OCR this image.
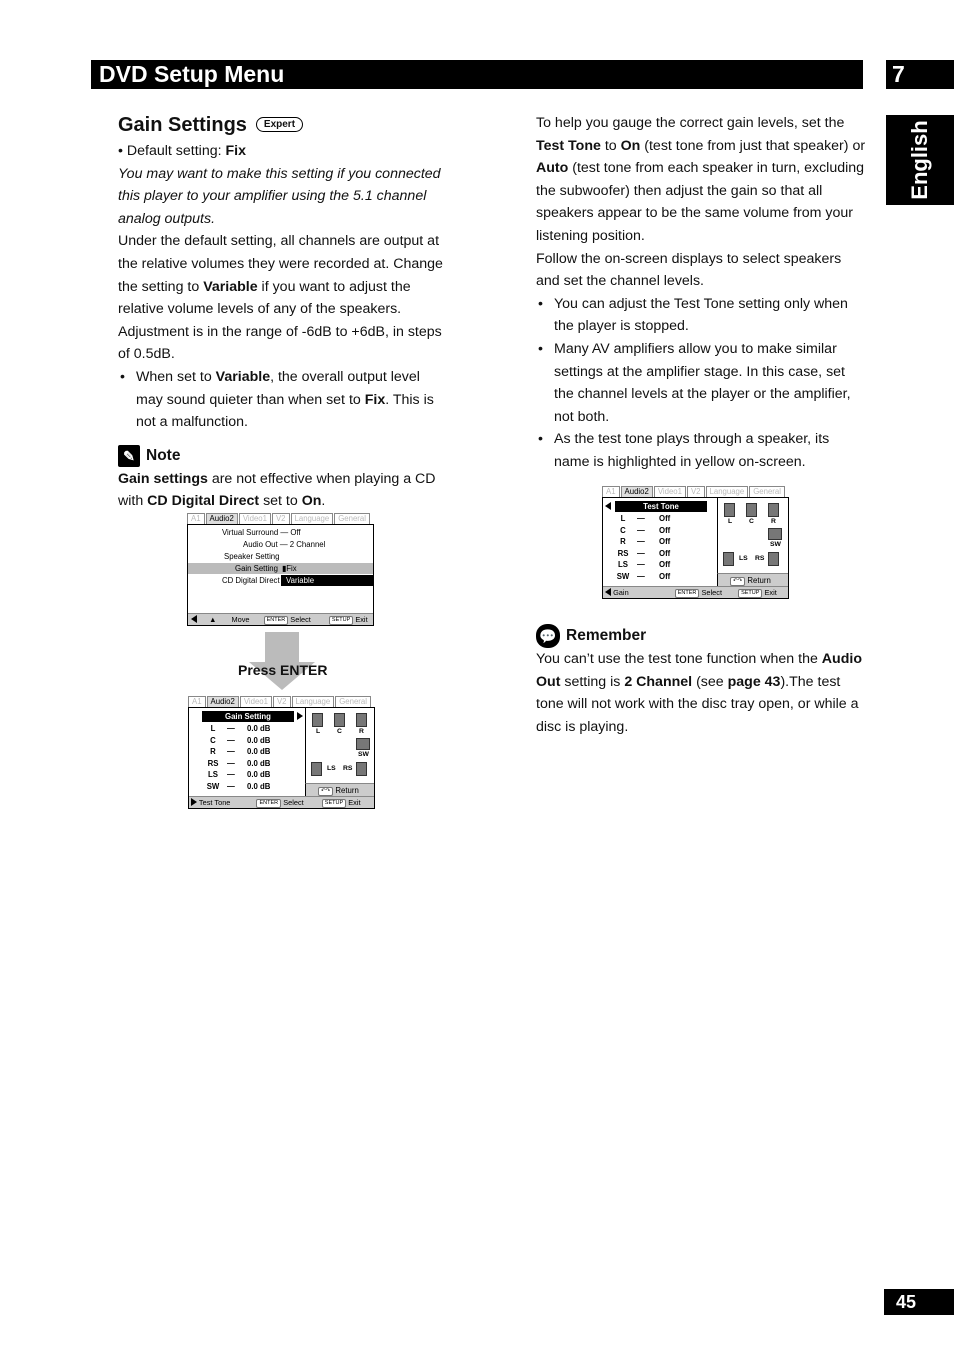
DVD Setup Menu	7
English
45
Gain Settings Expert

• Default setting: Fix

You may want to make this setting if you connected this player to your amplifier using the 5.1 channel analog outputs.

Under the default setting, all channels are output at the relative volumes they were recorded at. Change the setting to Variable if you want to adjust the relative volume levels of any of the speakers. Adjustment is in the range of -6dB to +6dB, in steps of 0.5dB.

• When set to Variable, the overall output level may sound quieter than when set to Fix. This is not a malfunction.
✎ Note

Gain settings are not effective when playing a CD with CD Digital Direct set to On.

A1	Audio2	Video1	V2	Language	General
Virtual Surround — Off
Audio Out — 2 Channel
Speaker Setting
Gain Setting ▮Fix
CD Digital Direct Variable
▲ Move	ENTER Select	SETUP Exit
Press ENTER
A1	Audio2	Video1	V2	Language	General
Gain Setting
L C	R
SW
LS RS
L — 0.0 dB
C — 0.0 dB
R — 0.0 dB
RS — 0.0 dB
LS — 0.0 dB
SW — 0.0 dB
↶↷ Return
Test Tone	ENTER Select	SETUP Exit

To help you gauge the correct gain levels, set the Test Tone to On (test tone from just that speaker) or Auto (test tone from each speaker in turn, excluding the subwoofer) then adjust the gain so that all speakers appear to be the same volume from your listening position.

Follow the on-screen displays to select speakers and set the channel levels.

• You can adjust the Test Tone setting only when the player is stopped.
• Many AV amplifiers allow you to make similar settings at the amplifier stage. In this case, set the channel levels at the player or the amplifier, not both.
• As the test tone plays through a speaker, its name is highlighted in yellow on-screen.
A1	Audio2	Video1	V2	Language	General
Test Tone
L C	R
SW
LS RS
L — Off
C — Off
R — Off
RS — Off
LS — Off
SW — Off
↶↷ Return
Gain	ENTER Select	SETUP Exit
💬 Remember

You can’t use the test tone function when the Audio Out setting is 2 Channel (see page 43).The test tone will not work with the disc tray open, or while a disc is playing.
